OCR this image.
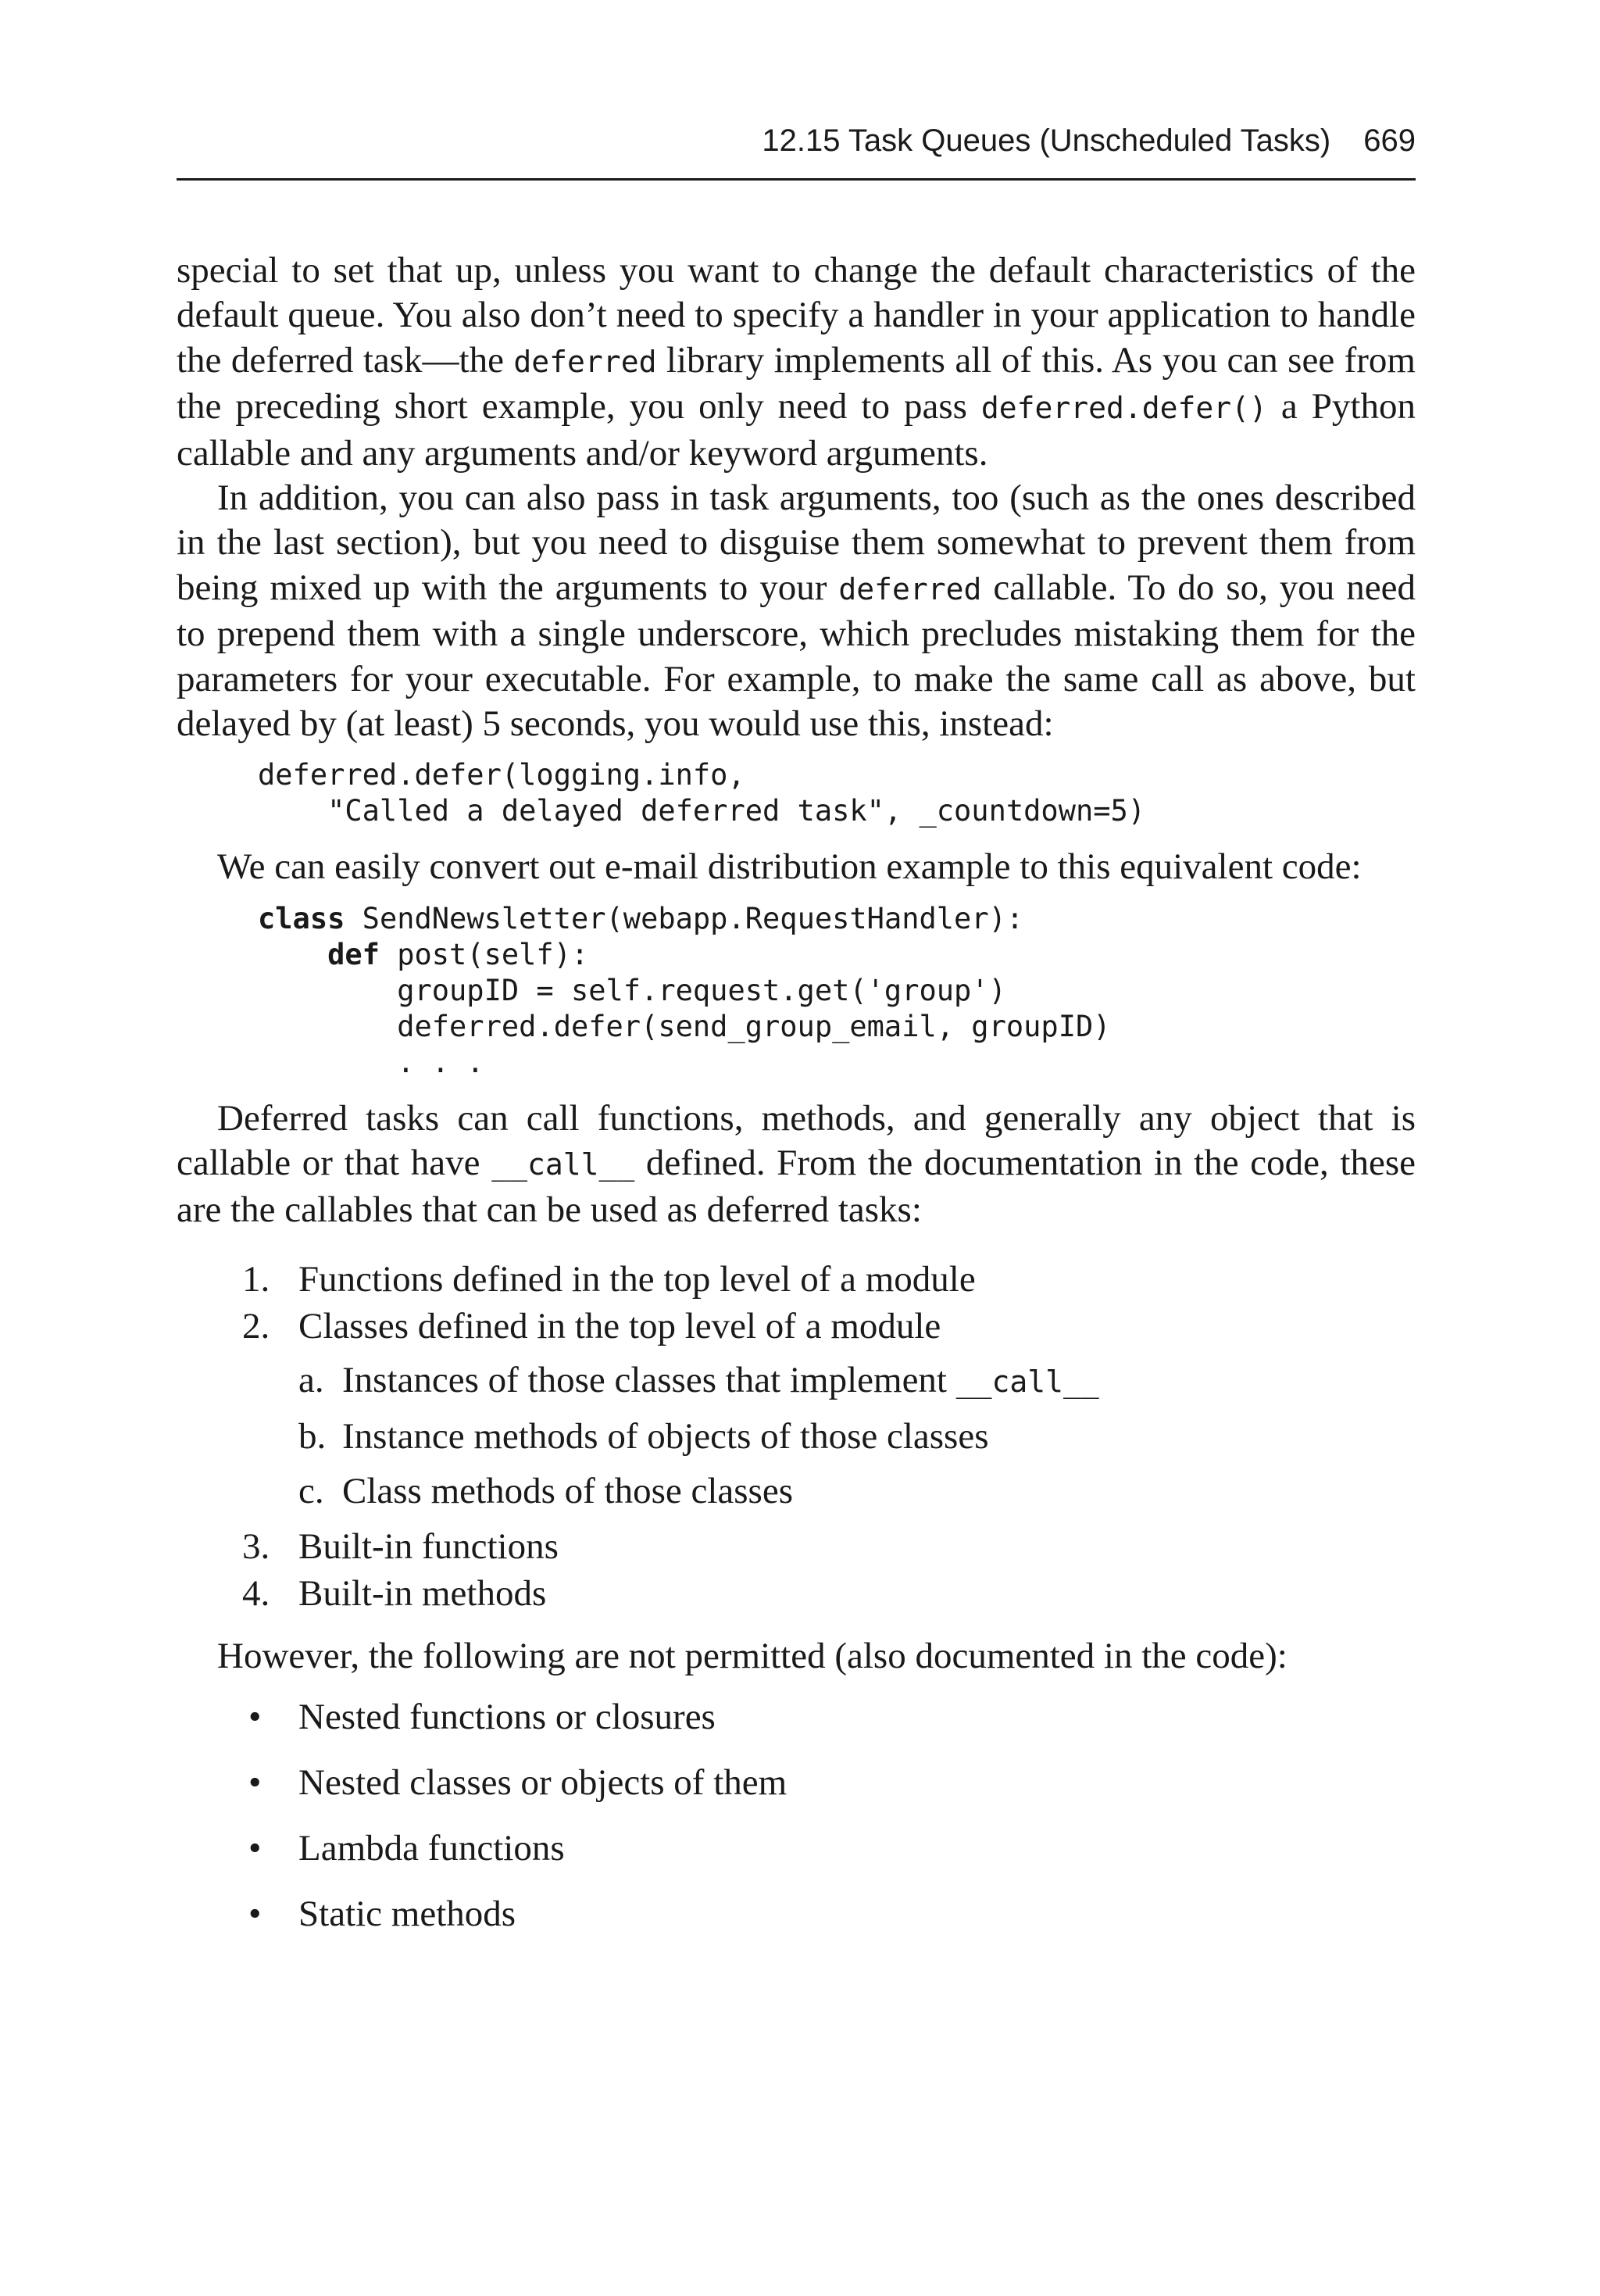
12.15 Task Queues (Unscheduled Tasks) 669

special to set that up, unless you want to change the default characteristics of the default queue. You also don’t need to specify a handler in your application to handle the deferred task—the deferred library implements all of this. As you can see from the preceding short example, you only need to pass deferred.defer() a Python callable and any arguments and/or keyword arguments.

In addition, you can also pass in task arguments, too (such as the ones described in the last section), but you need to disguise them somewhat to prevent them from being mixed up with the arguments to your deferred callable. To do so, you need to prepend them with a single underscore, which precludes mistaking them for the parameters for your executable. For example, to make the same call as above, but delayed by (at least) 5 seconds, you would use this, instead:

deferred.defer(logging.info,
"Called a delayed deferred task", _countdown=5)

We can easily convert out e-mail distribution example to this equivalent code:

class SendNewsletter(webapp.RequestHandler):
def post(self):
groupID = self.request.get('group')
deferred.defer(send_group_email, groupID)
. . .

Deferred tasks can call functions, methods, and generally any object that is callable or that have __call__ defined. From the documentation in the code, these are the callables that can be used as deferred tasks:

1. Functions defined in the top level of a module
2. Classes defined in the top level of a module
a. Instances of those classes that implement __call__
b. Instance methods of objects of those classes
c. Class methods of those classes
3. Built-in functions
4. Built-in methods

However, the following are not permitted (also documented in the code):

• Nested functions or closures
• Nested classes or objects of them
• Lambda functions
• Static methods
